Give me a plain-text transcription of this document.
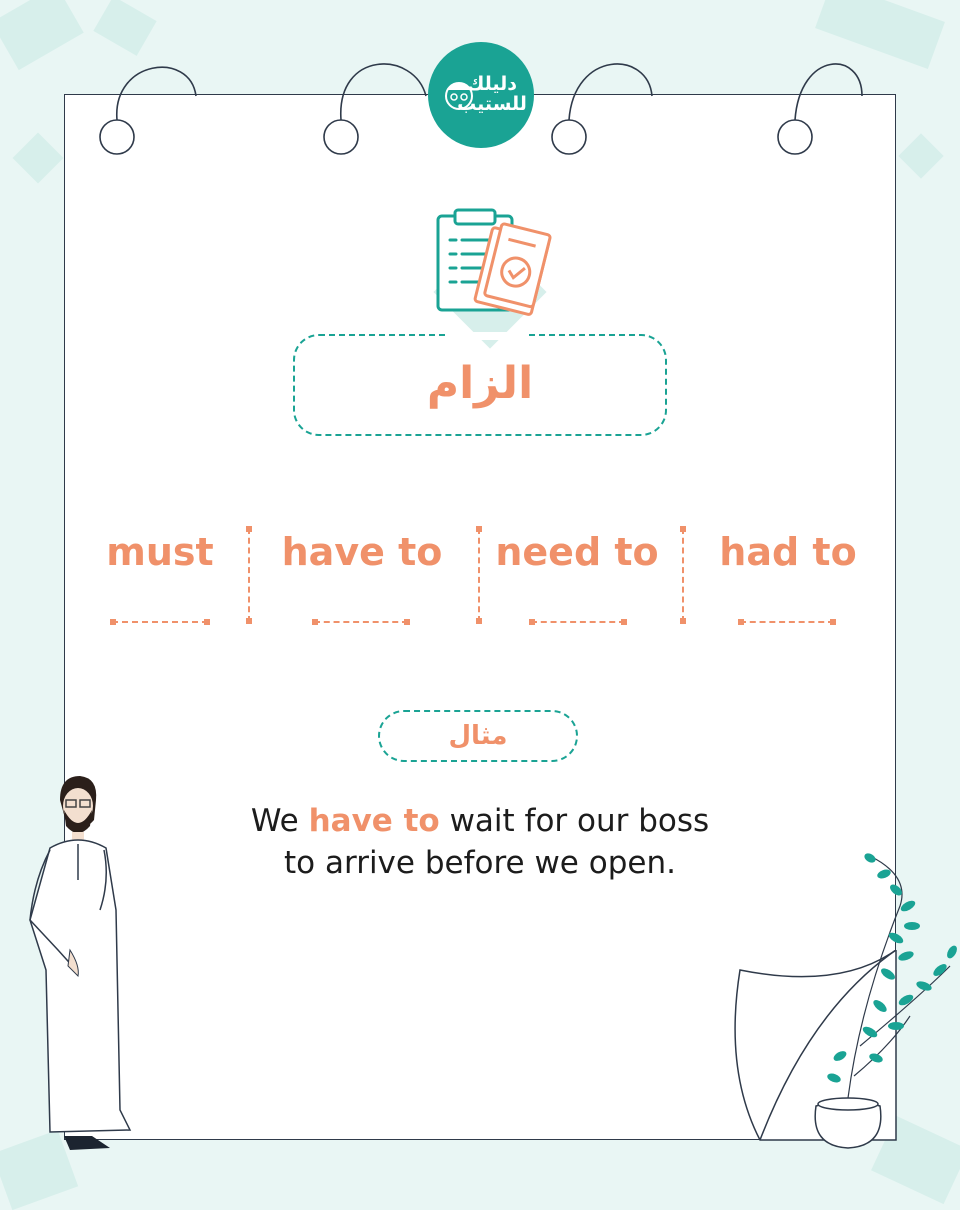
دليلك
للستيب
الزام
must	have to	need to	had to
مثال
We have to wait for our boss
to arrive before we open.
